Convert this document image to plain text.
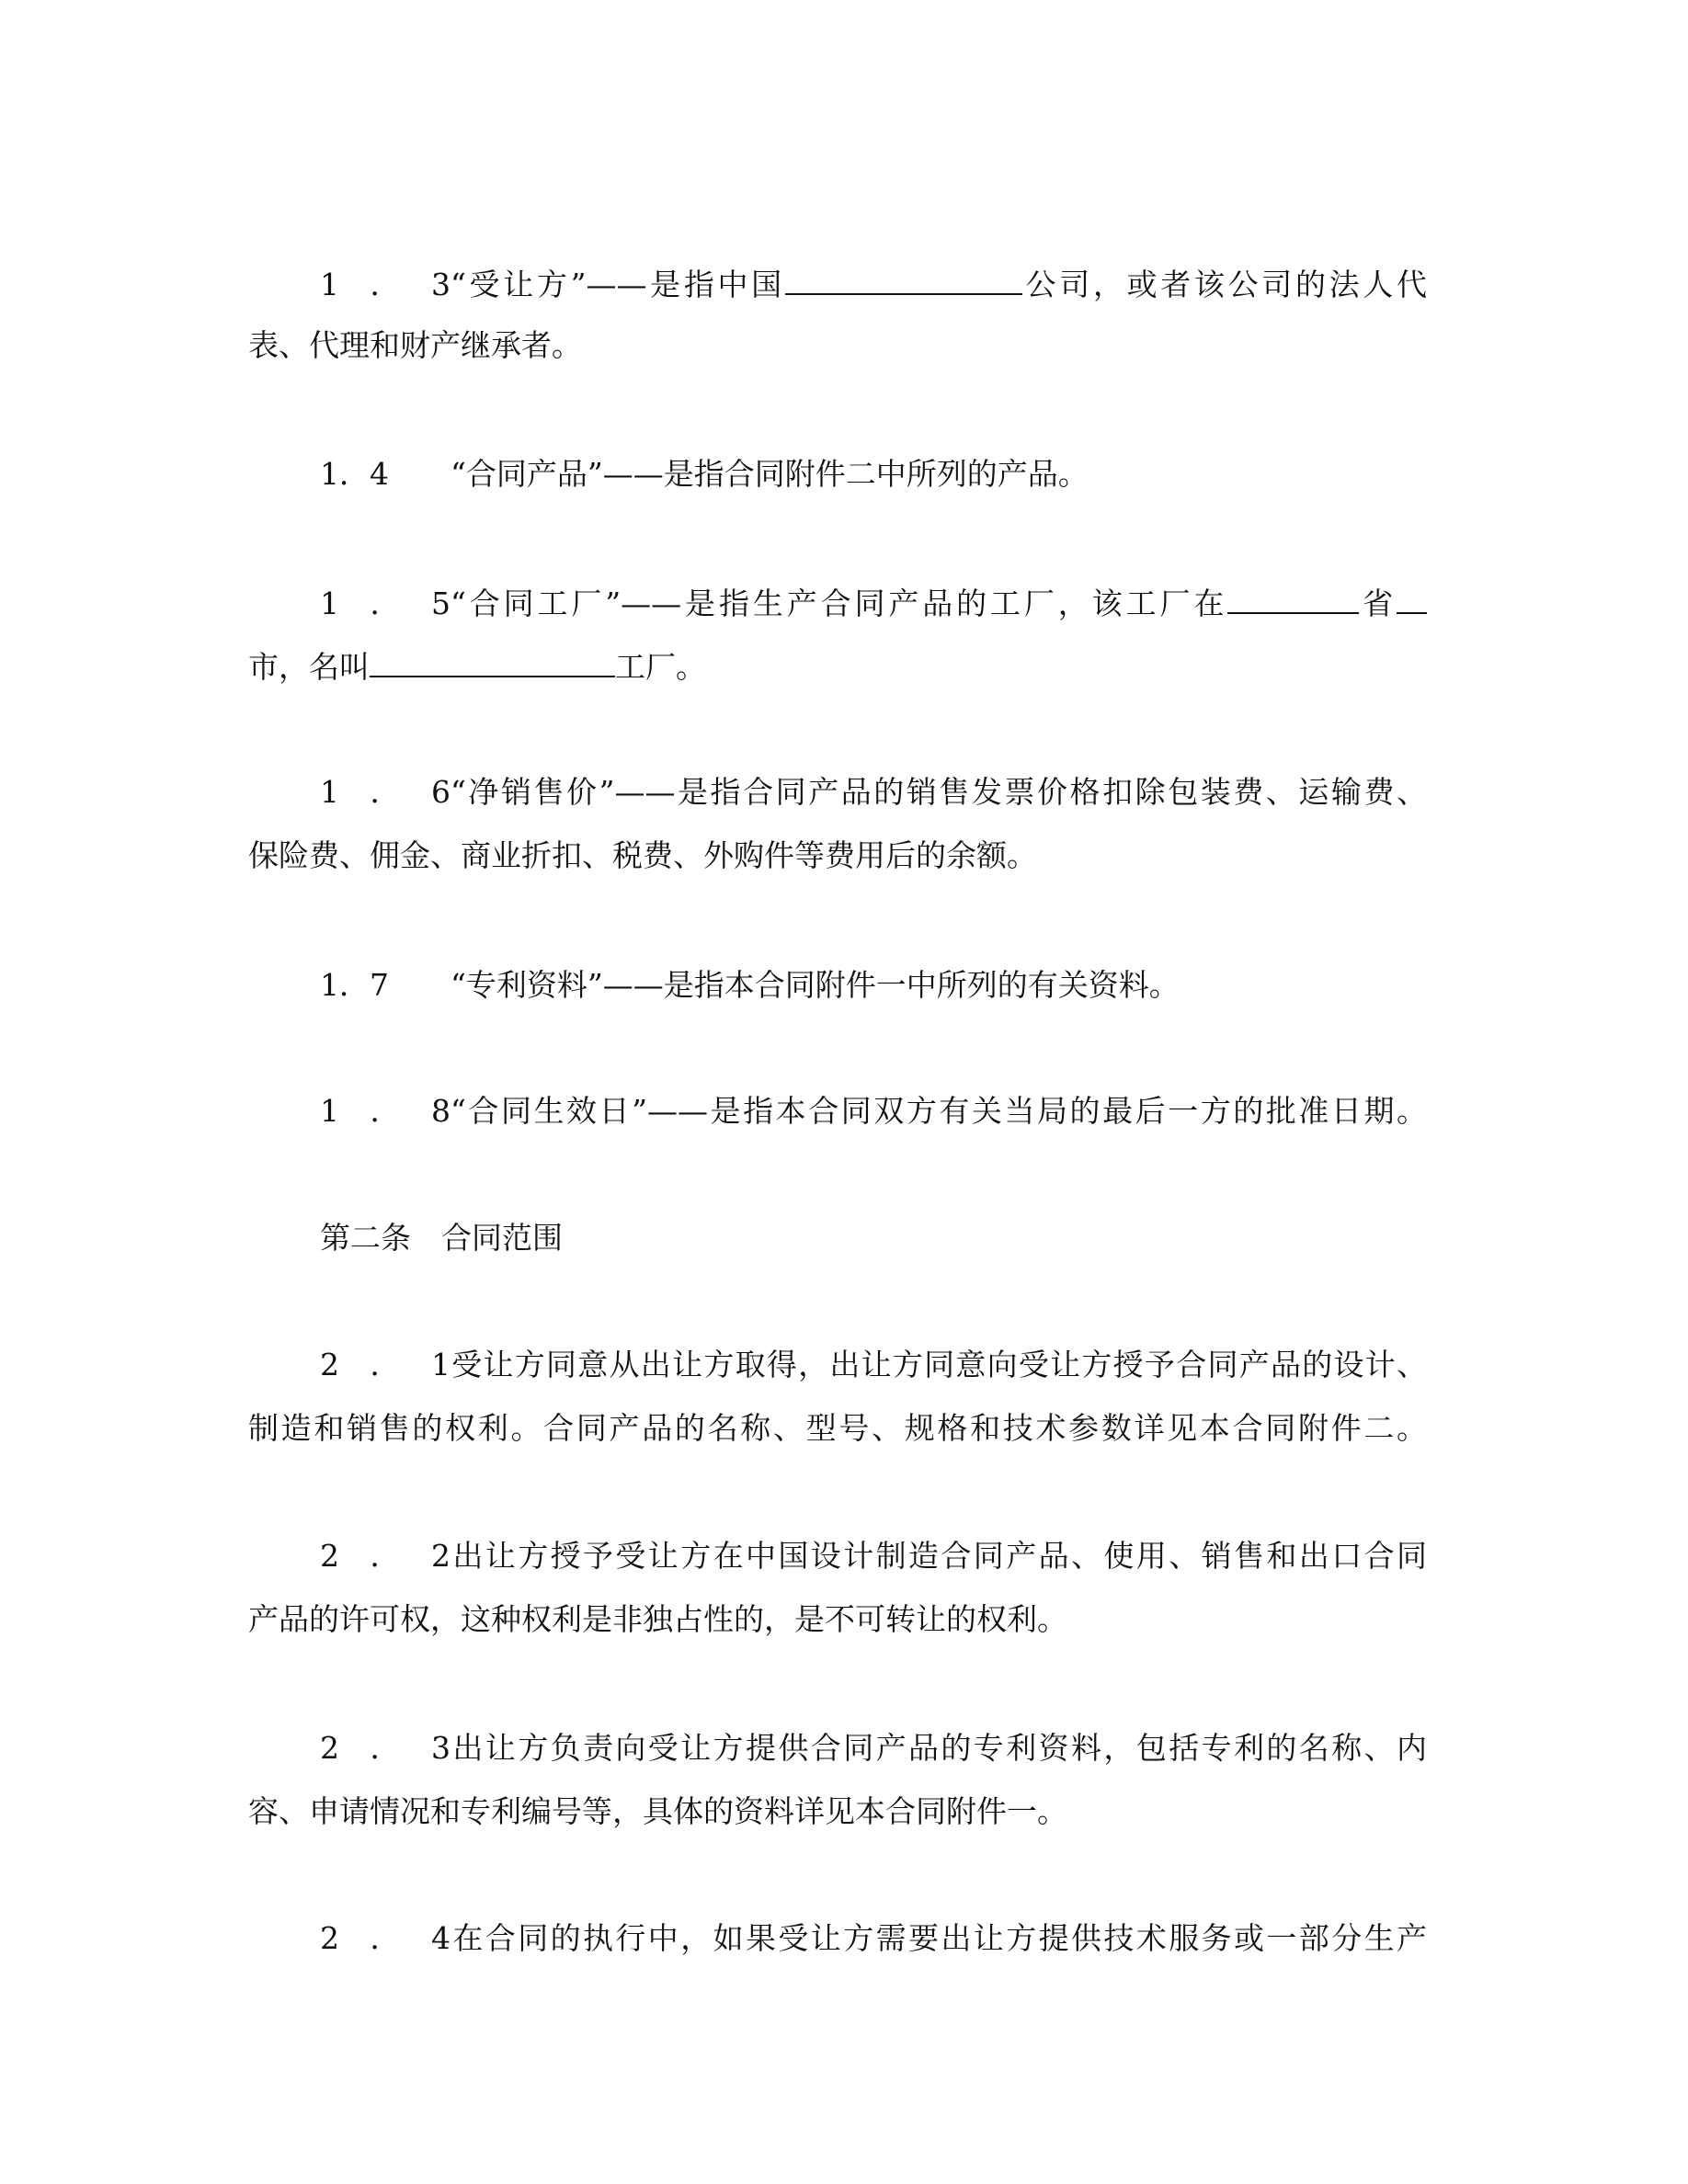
1．3“受让方”——是指中国	公司，或者该公司的法人代
表、代理和财产继承者。
1．4 “合同产品”——是指合同附件二中所列的产品。
1．5“合同工厂”——是指生产合同产品的工厂，该工厂在	省
市，名叫	工厂。
1．6“净销售价”——是指合同产品的销售发票价格扣除包装费、运输费、
保险费、佣金、商业折扣、税费、外购件等费用后的余额。
1．7 “专利资料”——是指本合同附件一中所列的有关资料。
1．8“合同生效日”——是指本合同双方有关当局的最后一方的批准日期。
第二条　合同范围
2．1受让方同意从出让方取得，出让方同意向受让方授予合同产品的设计、
制造和销售的权利。合同产品的名称、型号、规格和技术参数详见本合同附件二。
2．2出让方授予受让方在中国设计制造合同产品、使用、销售和出口合同
产品的许可权，这种权利是非独占性的，是不可转让的权利。
2．3出让方负责向受让方提供合同产品的专利资料，包括专利的名称、内
容、申请情况和专利编号等，具体的资料详见本合同附件一。
2．4在合同的执行中，如果受让方需要出让方提供技术服务或一部分生产
